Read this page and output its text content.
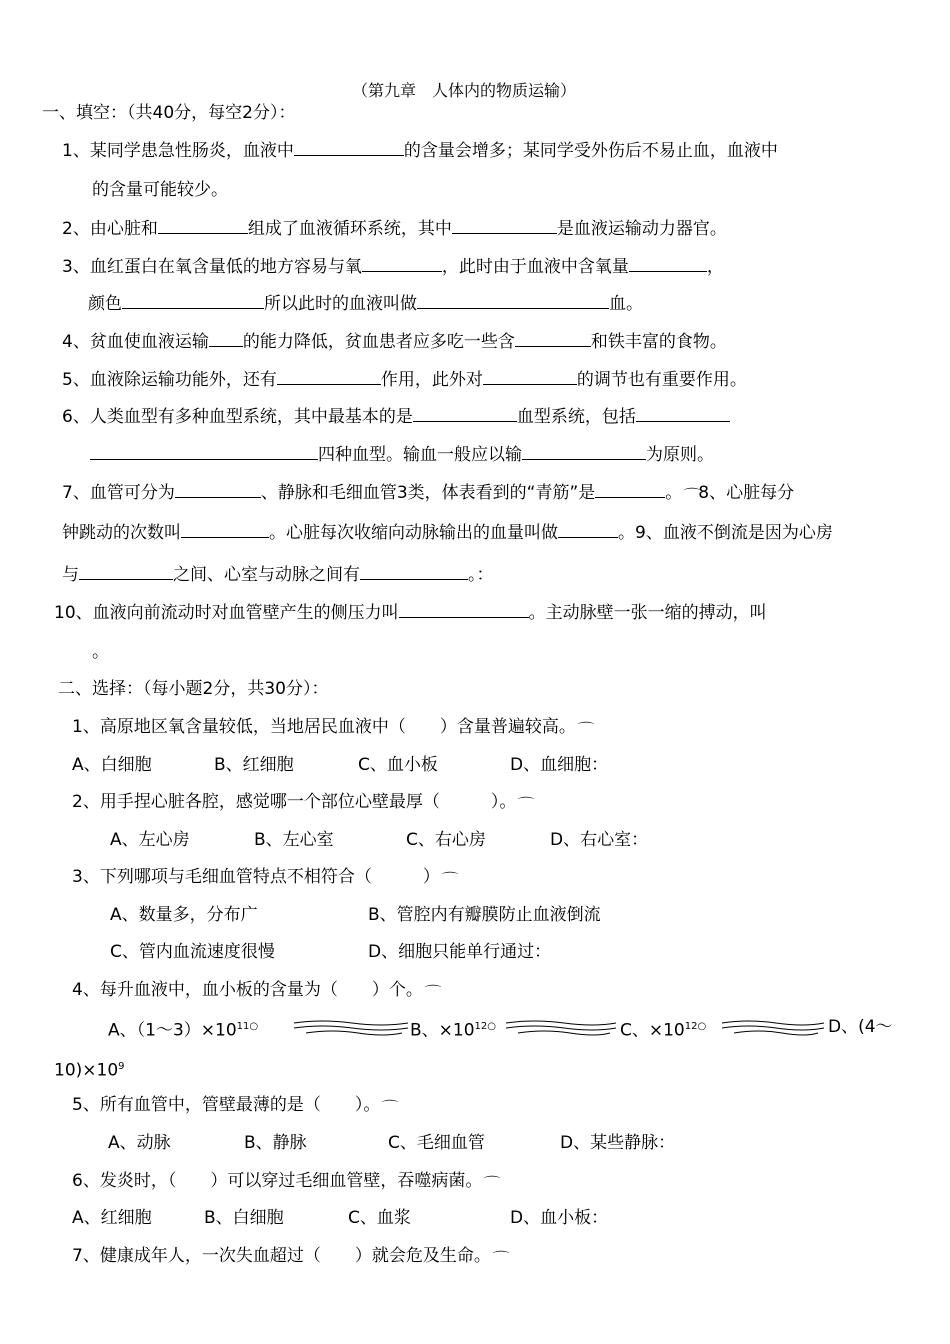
（第九章　人体内的物质运输）
一、填空：（共40分，每空2分）：
1、某同学患急性肠炎，血液中	的含量会增多；某同学受外伤后不易止血，血液中
的含量可能较少。
2、由心脏和	组成了血液循环系统，其中	是血液运输动力器官。
3、血红蛋白在氧含量低的地方容易与氧	，此时由于血液中含氧量	，
颜色	所以此时的血液叫做	血。
4、贫血使血液运输 的能力降低，贫血患者应多吃一些含	和铁丰富的食物。
5、血液除运输功能外，还有	作用，此外对	的调节也有重要作用。
6、人类血型有多种血型系统，其中最基本的是	血型系统，包括
四种血型。输血一般应以输	为原则。
7、血管可分为	、静脉和毛细血管3类，体表看到的“青筋”是	。 ⌒8、心脏每分
钟跳动的次数叫	。心脏每次收缩向动脉输出的血量叫做	。9、血液不倒流是因为心房
与	之间、心室与动脉之间有	。：
10、血液向前流动时对血管壁产生的侧压力叫	。主动脉壁一张一缩的搏动，叫
。
二、选择：（每小题2分，共30分）：
1、高原地区氧含量较低，当地居民血液中（　　）含量普遍较高。 ⌒
A、白细胞	B、红细胞	C、血小板	D、血细胞：
2、用手捏心脏各腔，感觉哪一个部位心壁最厚（　　　）。 ⌒
A、左心房	B、左心室	C、右心房	D、右心室：
3、下列哪项与毛细血管特点不相符合（　　　） ⌒
A、数量多，分布广	B、管腔内有瓣膜防止血液倒流
C、管内血流速度很慢	D、细胞只能单行通过：
4、每升血液中，血小板的含量为（　　）个。 ⌒
A、$(1\sim 3)\times 10^{11○}$	B、$\times 10^{12○}$	C、$\times 10^{12○}$	D、(4～
$10)\times 10^9$
5、所有血管中，管壁最薄的是（　　）。 ⌒
A、动脉	B、静脉	C、毛细血管	D、某些静脉：
6、发炎时，（　　）可以穿过毛细血管壁，吞噬病菌。 ⌒
A、红细胞	B、白细胞	C、血浆	D、血小板：
7、健康成年人，一次失血超过（　　）就会危及生命。 ⌒
